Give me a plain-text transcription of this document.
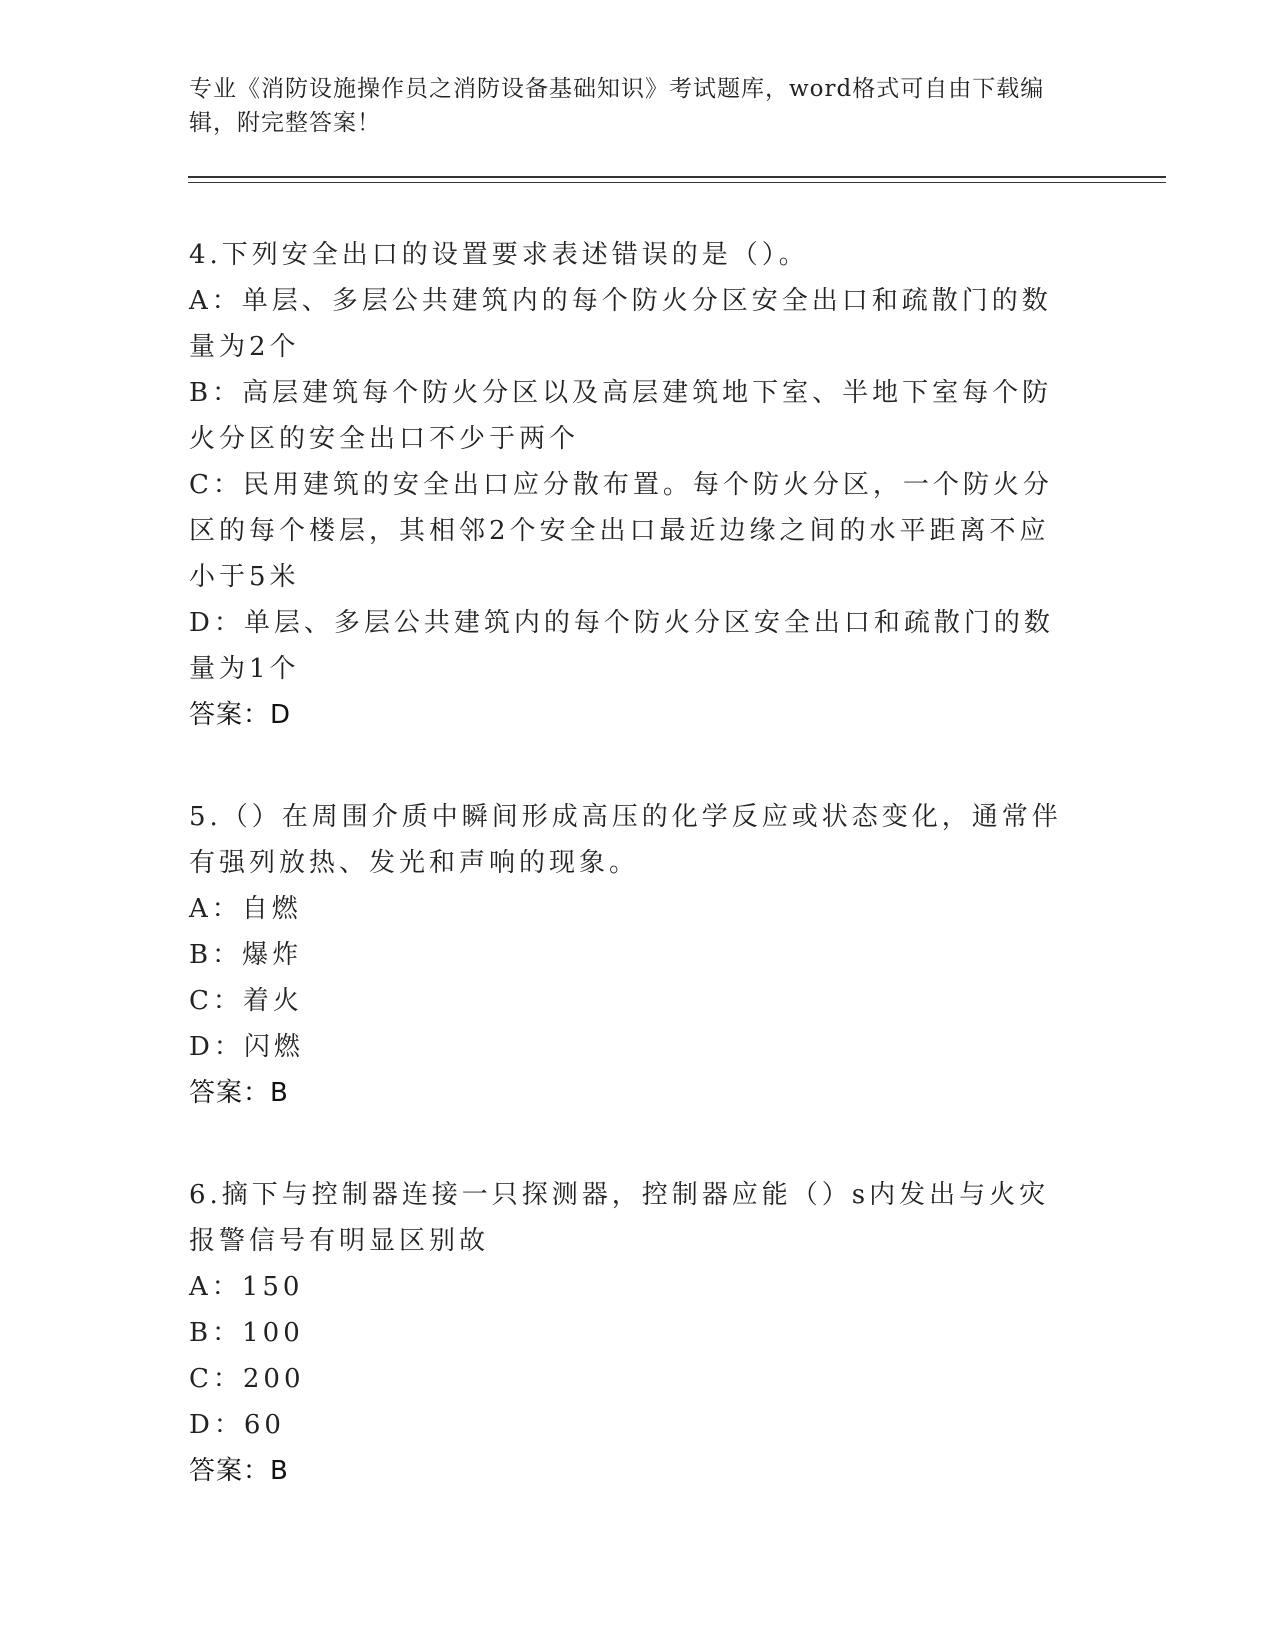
专业《消防设施操作员之消防设备基础知识》考试题库，word格式可自由下载编辑，附完整答案！
4.下列安全出口的设置要求表述错误的是（）。
A：单层、多层公共建筑内的每个防火分区安全出口和疏散门的数量为2个
B：高层建筑每个防火分区以及高层建筑地下室、半地下室每个防火分区的安全出口不少于两个
C：民用建筑的安全出口应分散布置。每个防火分区，一个防火分区的每个楼层，其相邻2个安全出口最近边缘之间的水平距离不应小于5米
D：单层、多层公共建筑内的每个防火分区安全出口和疏散门的数量为1个
答案：D
5.（）在周围介质中瞬间形成高压的化学反应或状态变化，通常伴有强列放热、发光和声响的现象。
A：自燃
B：爆炸
C：着火
D：闪燃
答案：B
6.摘下与控制器连接一只探测器，控制器应能（）s内发出与火灾报警信号有明显区别故
A：150
B：100
C：200
D：60
答案：B
